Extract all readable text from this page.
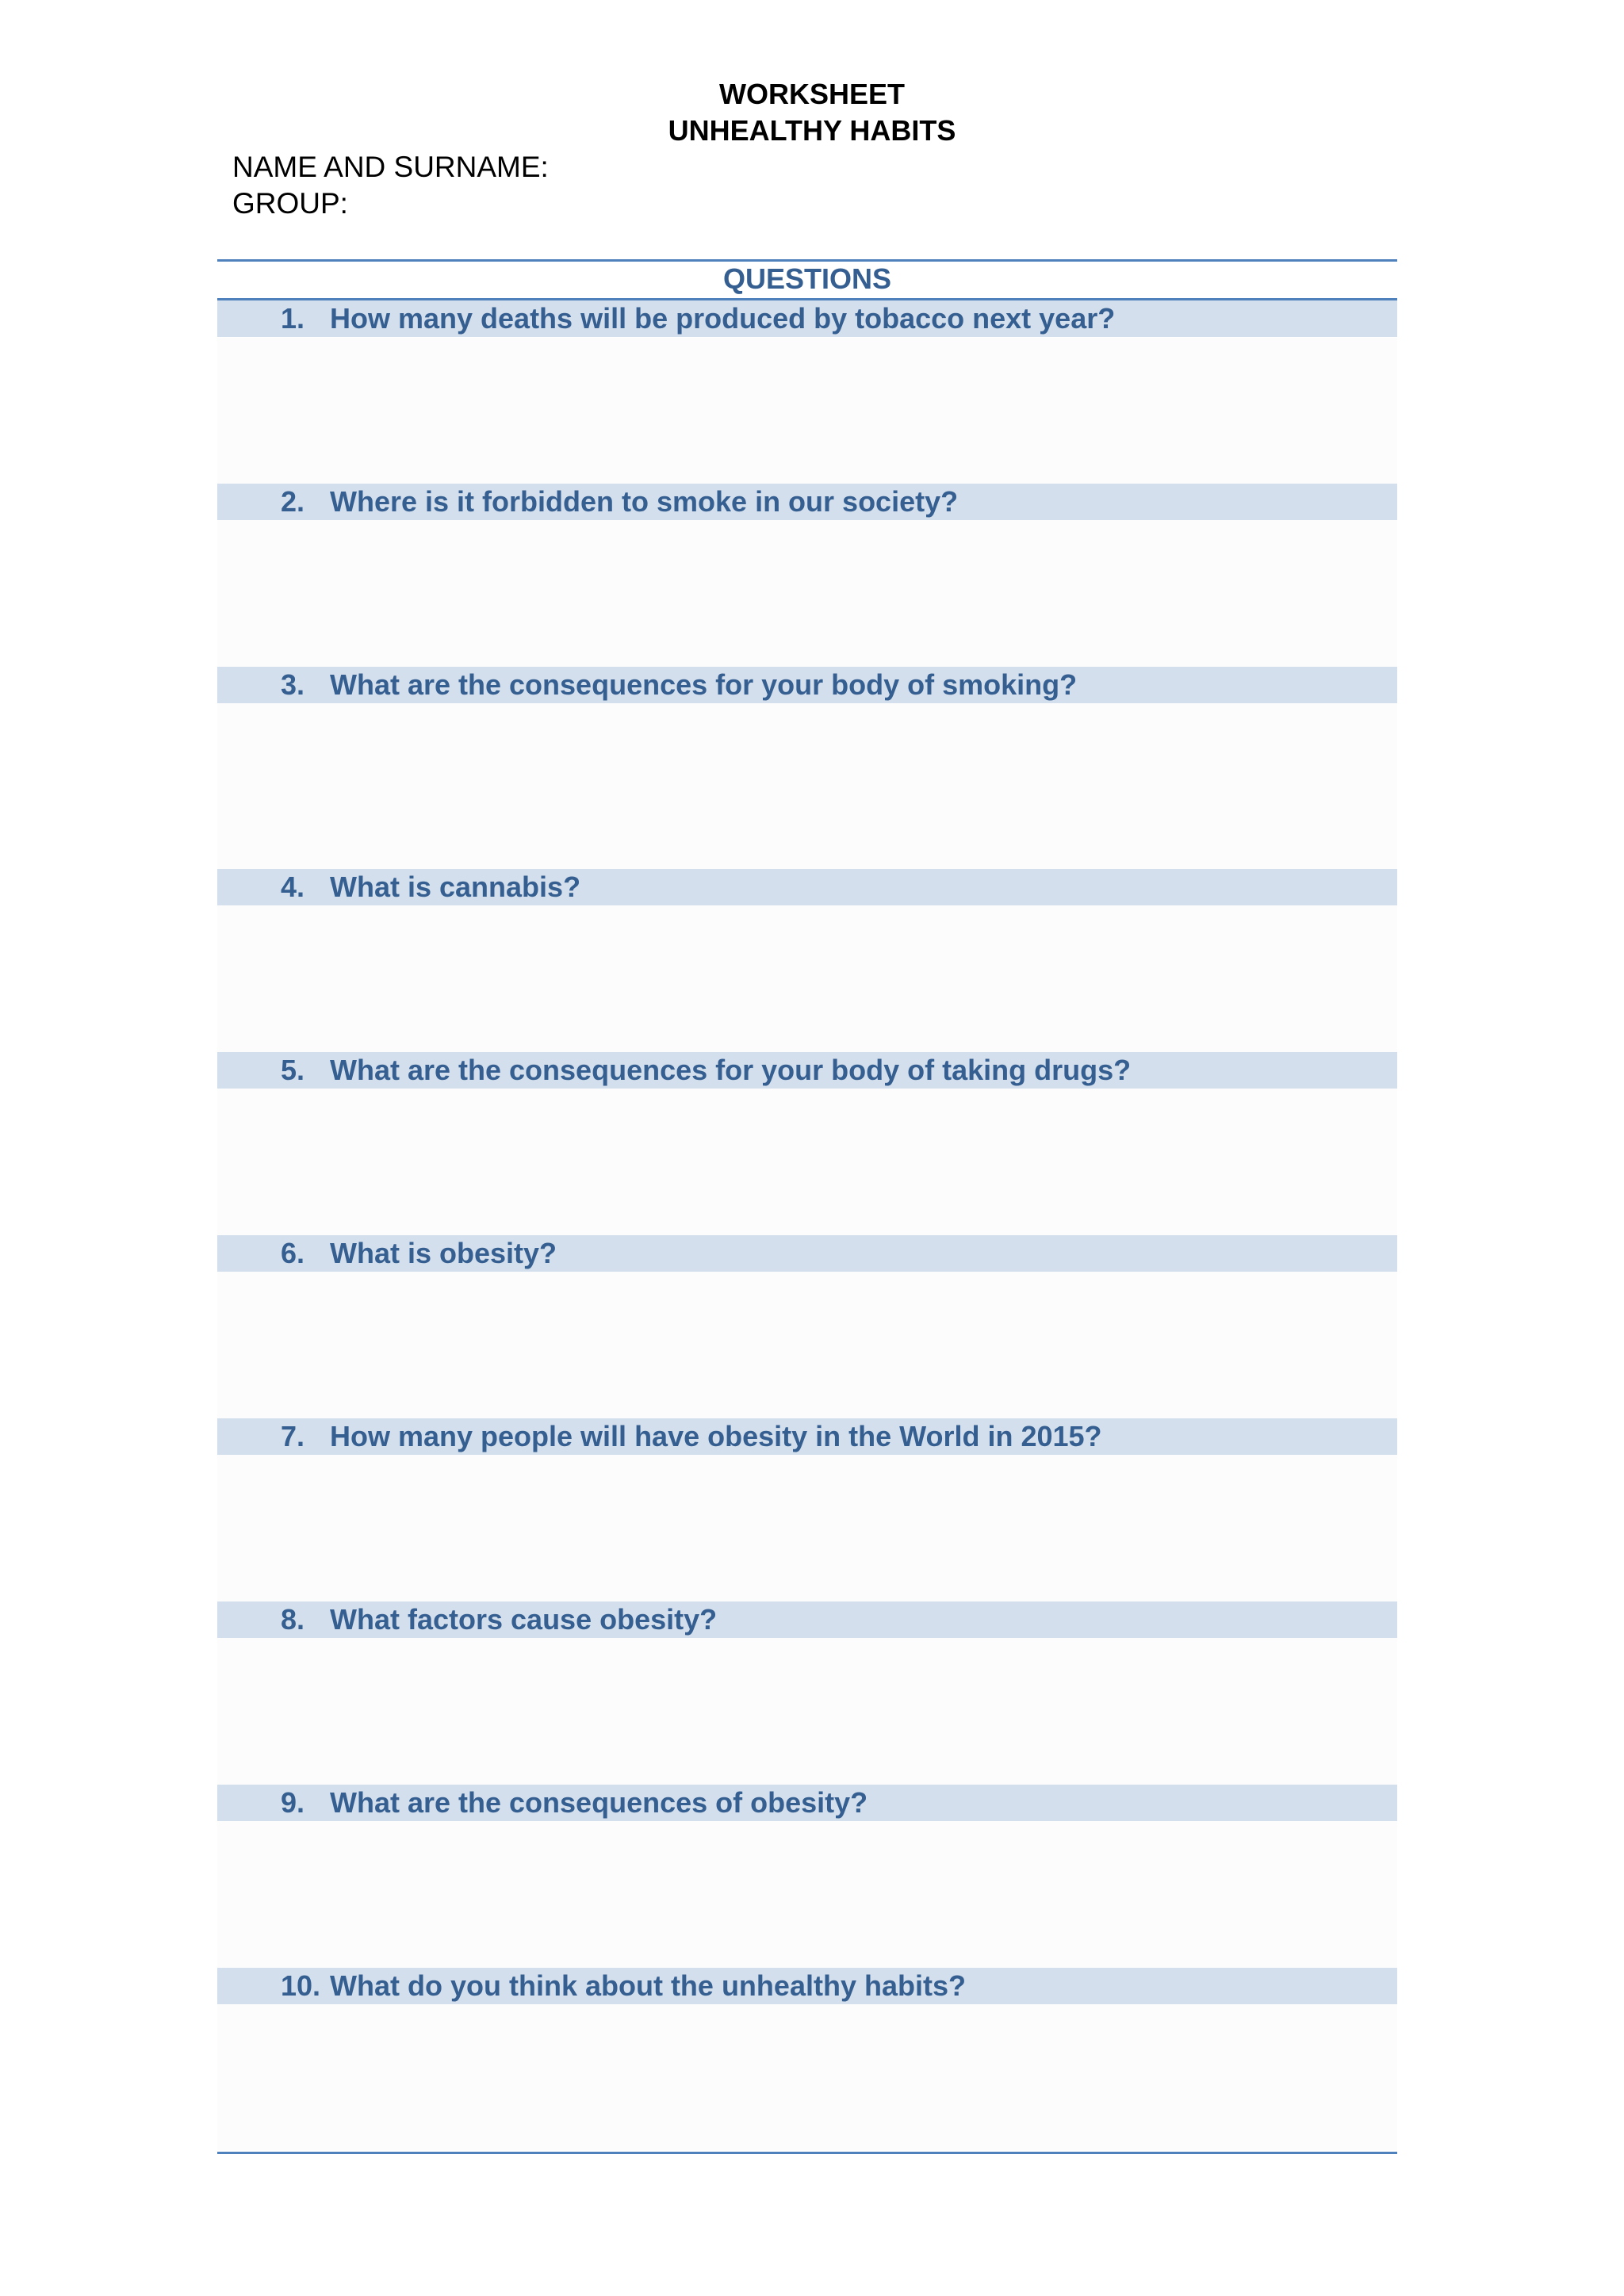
WORKSHEET
UNHEALTHY HABITS
NAME AND SURNAME:
GROUP:
QUESTIONS
1. How many deaths will be produced by tobacco next year?
2. Where is it forbidden to smoke in our society?
3. What are the consequences for your body of smoking?
4. What is cannabis?
5. What are the consequences for your body of taking drugs?
6. What is obesity?
7. How many people will have obesity in the World in 2015?
8. What factors cause obesity?
9. What are the consequences of obesity?
10. What do you think about the unhealthy habits?
